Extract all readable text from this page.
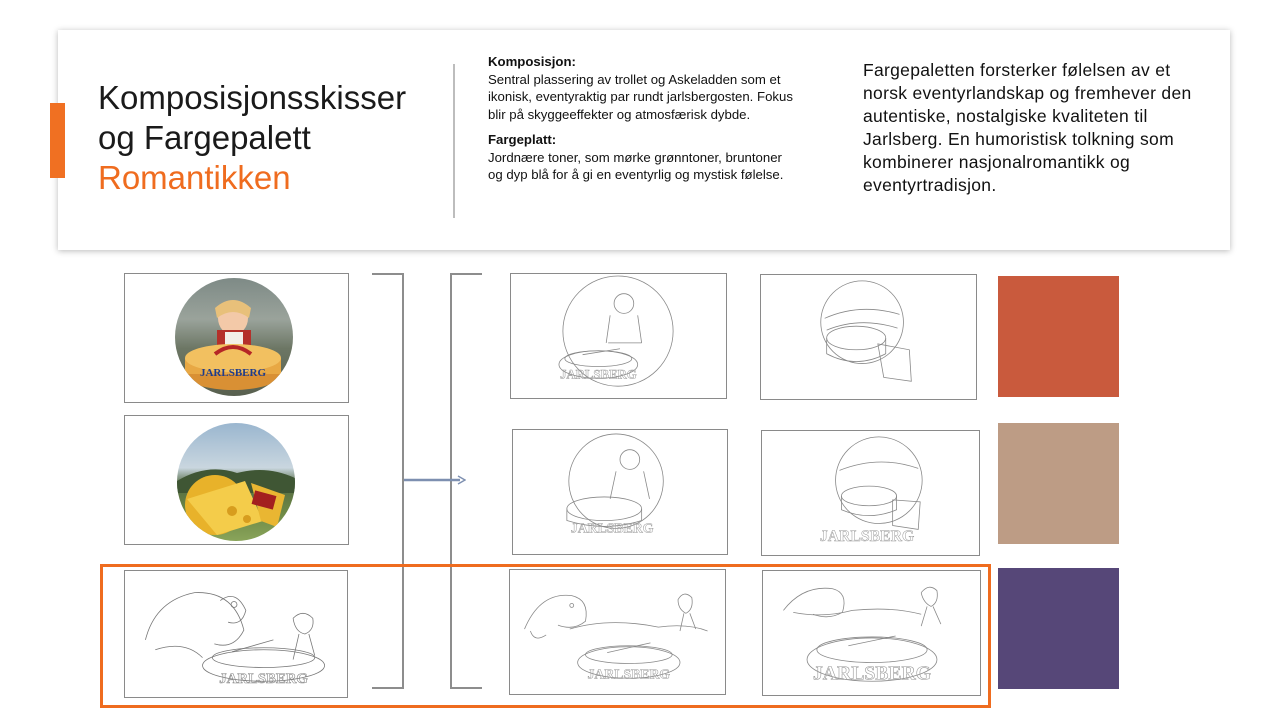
Komposisjonsskisser
og Fargepalett
Romantikken

Komposisjon:
Sentral plassering av trollet og Askeladden som et ikonisk, eventyraktig par rundt jarlsbergosten. Fokus blir på skyggeeffekter og atmosfærisk dybde.

Fargeplatt:
Jordnære toner, som mørke grønntoner, bruntoner og dyp blå for å gi en eventyrlig og mystisk følelse.

Fargepaletten forsterker følelsen av et norsk eventyrlandskap og fremhever den autentiske, nostalgiske kvaliteten til Jarlsberg. En humoristisk tolkning som kombinerer nasjonalromantikk og eventyrtradisjon.
JARLSBERG
JARLSBERG
JARLSBERG
JARLSBERG
JARLSBERG
JARLSBERG	JARLSBERG
